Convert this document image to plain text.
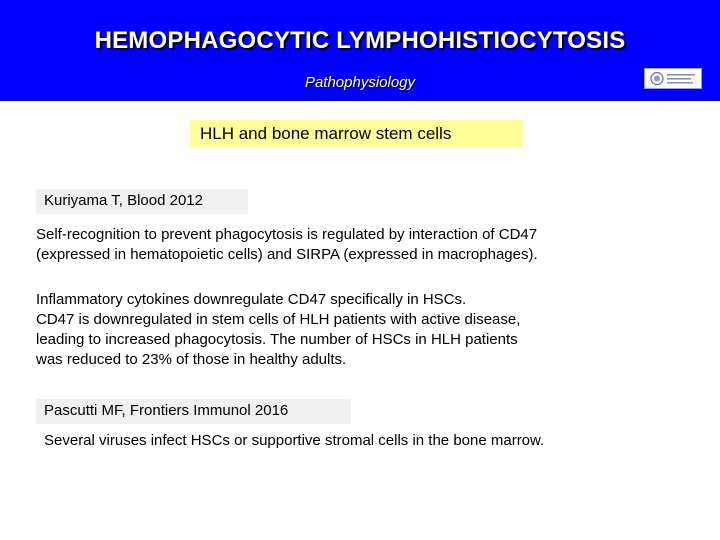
HEMOPHAGOCYTIC LYMPHOHISTIOCYTOSIS
Pathophysiology
HLH and bone marrow stem cells
Kuriyama T, Blood 2012
Self-recognition to prevent phagocytosis is regulated by interaction of CD47
(expressed in hematopoietic cells) and SIRPA (expressed in macrophages).
Inflammatory cytokines downregulate CD47 specifically in HSCs.
CD47 is downregulated in stem cells of HLH patients with active disease,
leading to increased phagocytosis. The number of HSCs in HLH patients
was reduced to 23% of those in healthy adults.
Pascutti MF, Frontiers Immunol 2016
Several viruses infect HSCs or supportive stromal cells in the bone marrow.
